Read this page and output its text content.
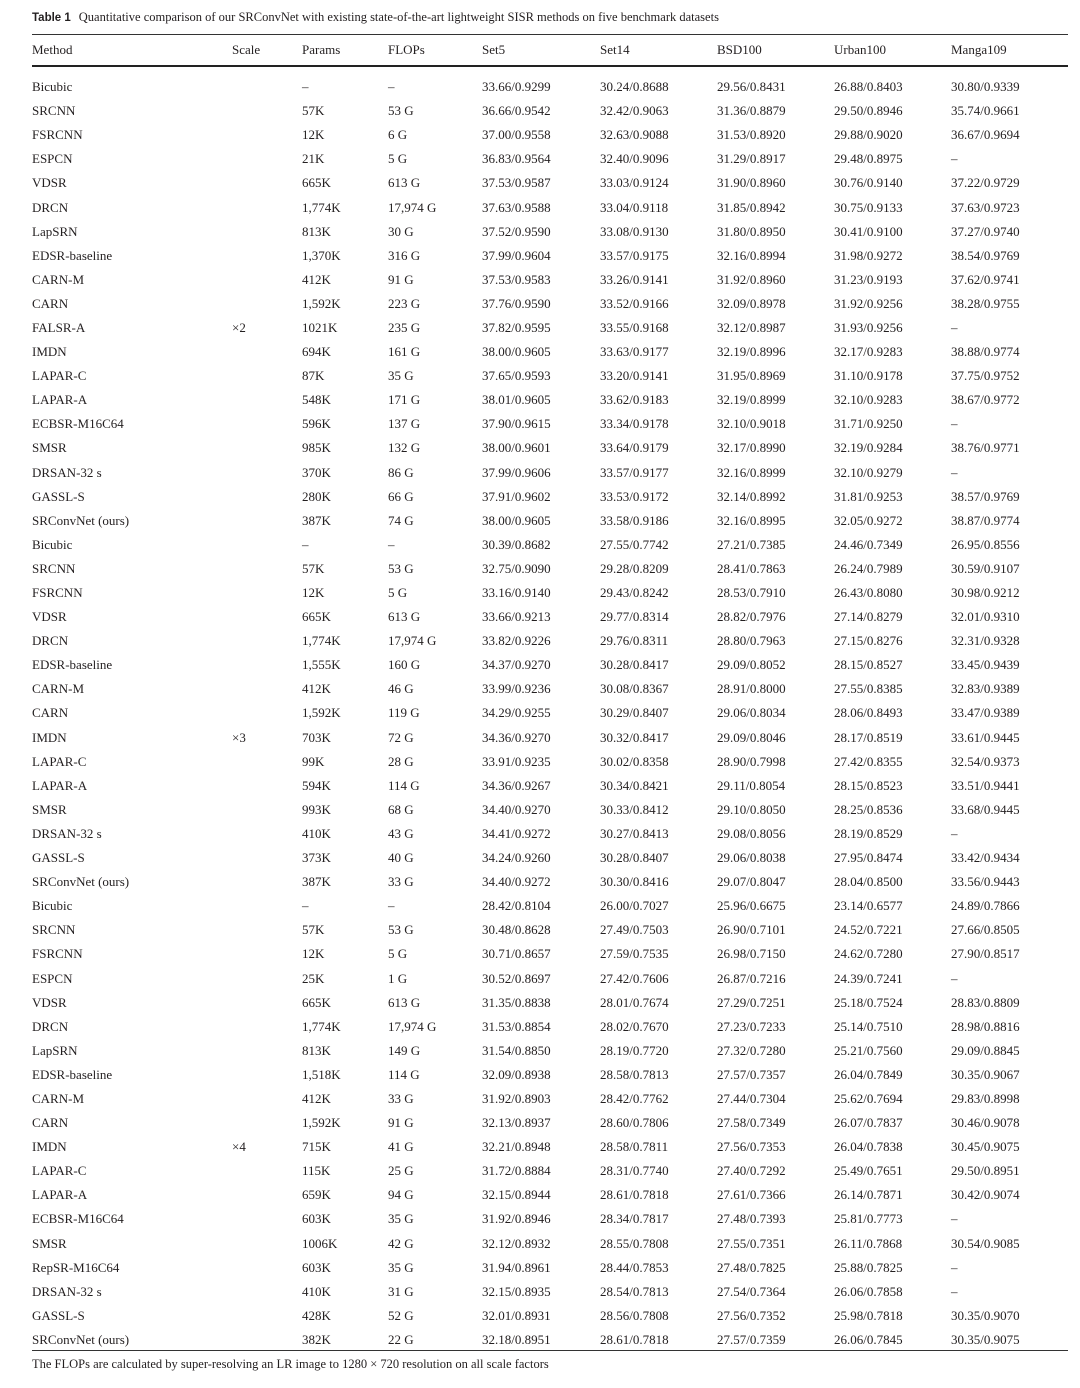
Table 1 Quantitative comparison of our SRConvNet with existing state-of-the-art lightweight SISR methods on five benchmark datasets
Method	Scale	Params	FLOPs	Set5	Set14	BSD100	Urban100	Manga109

Bicubic		–	–	33.66/0.9299	30.24/0.8688	29.56/0.8431	26.88/0.8403	30.80/0.9339
SRCNN		57K	53 G	36.66/0.9542	32.42/0.9063	31.36/0.8879	29.50/0.8946	35.74/0.9661
FSRCNN		12K	6 G	37.00/0.9558	32.63/0.9088	31.53/0.8920	29.88/0.9020	36.67/0.9694
ESPCN		21K	5 G	36.83/0.9564	32.40/0.9096	31.29/0.8917	29.48/0.8975	–
VDSR		665K	613 G	37.53/0.9587	33.03/0.9124	31.90/0.8960	30.76/0.9140	37.22/0.9729
DRCN		1,774K	17,974 G	37.63/0.9588	33.04/0.9118	31.85/0.8942	30.75/0.9133	37.63/0.9723
LapSRN		813K	30 G	37.52/0.9590	33.08/0.9130	31.80/0.8950	30.41/0.9100	37.27/0.9740
EDSR-baseline		1,370K	316 G	37.99/0.9604	33.57/0.9175	32.16/0.8994	31.98/0.9272	38.54/0.9769
CARN-M		412K	91 G	37.53/0.9583	33.26/0.9141	31.92/0.8960	31.23/0.9193	37.62/0.9741
CARN		1,592K	223 G	37.76/0.9590	33.52/0.9166	32.09/0.8978	31.92/0.9256	38.28/0.9755
FALSR-A	×2	1021K	235 G	37.82/0.9595	33.55/0.9168	32.12/0.8987	31.93/0.9256	–
IMDN		694K	161 G	38.00/0.9605	33.63/0.9177	32.19/0.8996	32.17/0.9283	38.88/0.9774
LAPAR-C		87K	35 G	37.65/0.9593	33.20/0.9141	31.95/0.8969	31.10/0.9178	37.75/0.9752
LAPAR-A		548K	171 G	38.01/0.9605	33.62/0.9183	32.19/0.8999	32.10/0.9283	38.67/0.9772
ECBSR-M16C64		596K	137 G	37.90/0.9615	33.34/0.9178	32.10/0.9018	31.71/0.9250	–
SMSR		985K	132 G	38.00/0.9601	33.64/0.9179	32.17/0.8990	32.19/0.9284	38.76/0.9771
DRSAN-32 s		370K	86 G	37.99/0.9606	33.57/0.9177	32.16/0.8999	32.10/0.9279	–
GASSL-S		280K	66 G	37.91/0.9602	33.53/0.9172	32.14/0.8992	31.81/0.9253	38.57/0.9769
SRConvNet (ours)		387K	74 G	38.00/0.9605	33.58/0.9186	32.16/0.8995	32.05/0.9272	38.87/0.9774
Bicubic		–	–	30.39/0.8682	27.55/0.7742	27.21/0.7385	24.46/0.7349	26.95/0.8556
SRCNN		57K	53 G	32.75/0.9090	29.28/0.8209	28.41/0.7863	26.24/0.7989	30.59/0.9107
FSRCNN		12K	5 G	33.16/0.9140	29.43/0.8242	28.53/0.7910	26.43/0.8080	30.98/0.9212
VDSR		665K	613 G	33.66/0.9213	29.77/0.8314	28.82/0.7976	27.14/0.8279	32.01/0.9310
DRCN		1,774K	17,974 G	33.82/0.9226	29.76/0.8311	28.80/0.7963	27.15/0.8276	32.31/0.9328
EDSR-baseline		1,555K	160 G	34.37/0.9270	30.28/0.8417	29.09/0.8052	28.15/0.8527	33.45/0.9439
CARN-M		412K	46 G	33.99/0.9236	30.08/0.8367	28.91/0.8000	27.55/0.8385	32.83/0.9389
CARN		1,592K	119 G	34.29/0.9255	30.29/0.8407	29.06/0.8034	28.06/0.8493	33.47/0.9389
IMDN	×3	703K	72 G	34.36/0.9270	30.32/0.8417	29.09/0.8046	28.17/0.8519	33.61/0.9445
LAPAR-C		99K	28 G	33.91/0.9235	30.02/0.8358	28.90/0.7998	27.42/0.8355	32.54/0.9373
LAPAR-A		594K	114 G	34.36/0.9267	30.34/0.8421	29.11/0.8054	28.15/0.8523	33.51/0.9441
SMSR		993K	68 G	34.40/0.9270	30.33/0.8412	29.10/0.8050	28.25/0.8536	33.68/0.9445
DRSAN-32 s		410K	43 G	34.41/0.9272	30.27/0.8413	29.08/0.8056	28.19/0.8529	–
GASSL-S		373K	40 G	34.24/0.9260	30.28/0.8407	29.06/0.8038	27.95/0.8474	33.42/0.9434
SRConvNet (ours)		387K	33 G	34.40/0.9272	30.30/0.8416	29.07/0.8047	28.04/0.8500	33.56/0.9443
Bicubic		–	–	28.42/0.8104	26.00/0.7027	25.96/0.6675	23.14/0.6577	24.89/0.7866
SRCNN		57K	53 G	30.48/0.8628	27.49/0.7503	26.90/0.7101	24.52/0.7221	27.66/0.8505
FSRCNN		12K	5 G	30.71/0.8657	27.59/0.7535	26.98/0.7150	24.62/0.7280	27.90/0.8517
ESPCN		25K	1 G	30.52/0.8697	27.42/0.7606	26.87/0.7216	24.39/0.7241	–
VDSR		665K	613 G	31.35/0.8838	28.01/0.7674	27.29/0.7251	25.18/0.7524	28.83/0.8809
DRCN		1,774K	17,974 G	31.53/0.8854	28.02/0.7670	27.23/0.7233	25.14/0.7510	28.98/0.8816
LapSRN		813K	149 G	31.54/0.8850	28.19/0.7720	27.32/0.7280	25.21/0.7560	29.09/0.8845
EDSR-baseline		1,518K	114 G	32.09/0.8938	28.58/0.7813	27.57/0.7357	26.04/0.7849	30.35/0.9067
CARN-M		412K	33 G	31.92/0.8903	28.42/0.7762	27.44/0.7304	25.62/0.7694	29.83/0.8998
CARN		1,592K	91 G	32.13/0.8937	28.60/0.7806	27.58/0.7349	26.07/0.7837	30.46/0.9078
IMDN	×4	715K	41 G	32.21/0.8948	28.58/0.7811	27.56/0.7353	26.04/0.7838	30.45/0.9075
LAPAR-C		115K	25 G	31.72/0.8884	28.31/0.7740	27.40/0.7292	25.49/0.7651	29.50/0.8951
LAPAR-A		659K	94 G	32.15/0.8944	28.61/0.7818	27.61/0.7366	26.14/0.7871	30.42/0.9074
ECBSR-M16C64		603K	35 G	31.92/0.8946	28.34/0.7817	27.48/0.7393	25.81/0.7773	–
SMSR		1006K	42 G	32.12/0.8932	28.55/0.7808	27.55/0.7351	26.11/0.7868	30.54/0.9085
RepSR-M16C64		603K	35 G	31.94/0.8961	28.44/0.7853	27.48/0.7825	25.88/0.7825	–
DRSAN-32 s		410K	31 G	32.15/0.8935	28.54/0.7813	27.54/0.7364	26.06/0.7858	–
GASSL-S		428K	52 G	32.01/0.8931	28.56/0.7808	27.56/0.7352	25.98/0.7818	30.35/0.9070
SRConvNet (ours)		382K	22 G	32.18/0.8951	28.61/0.7818	27.57/0.7359	26.06/0.7845	30.35/0.9075
The FLOPs are calculated by super-resolving an LR image to 1280 × 720 resolution on all scale factors
